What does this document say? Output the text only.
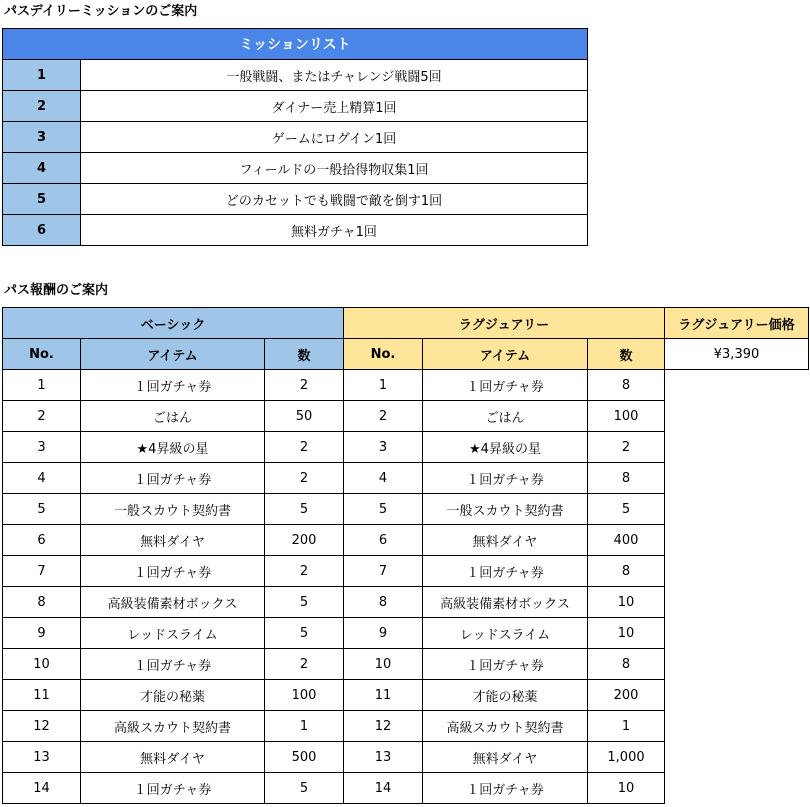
パスデイリーミッションのご案内
ミッションリスト	
1	一般戦闘、またはチャレンジ戦闘5回
2	ダイナー売上精算1回
3	ゲームにログイン1回
4	フィールドの一般拾得物収集1回
5	どのカセットでも戦闘で敵を倒す1回
6	無料ガチャ1回
パス報酬のご案内
ベーシック			ラグジュアリー			ラグジュアリー価格
No.	アイテム	数	No.	アイテム	数	¥3,390
1	１回ガチャ券	2	1	１回ガチャ券	8	
2	ごはん	50	2	ごはん	100	
3	★4昇級の星	2	3	★4昇級の星	2	
4	１回ガチャ券	2	4	１回ガチャ券	8	
5	一般スカウト契約書	5	5	一般スカウト契約書	5	
6	無料ダイヤ	200	6	無料ダイヤ	400	
7	１回ガチャ券	2	7	１回ガチャ券	8	
8	高級装備素材ボックス	5	8	高級装備素材ボックス	10	
9	レッドスライム	5	9	レッドスライム	10	
10	１回ガチャ券	2	10	１回ガチャ券	8	
11	才能の秘薬	100	11	才能の秘薬	200	
12	高級スカウト契約書	1	12	高級スカウト契約書	1	
13	無料ダイヤ	500	13	無料ダイヤ	1,000	
14	１回ガチャ券	5	14	１回ガチャ券	10	
